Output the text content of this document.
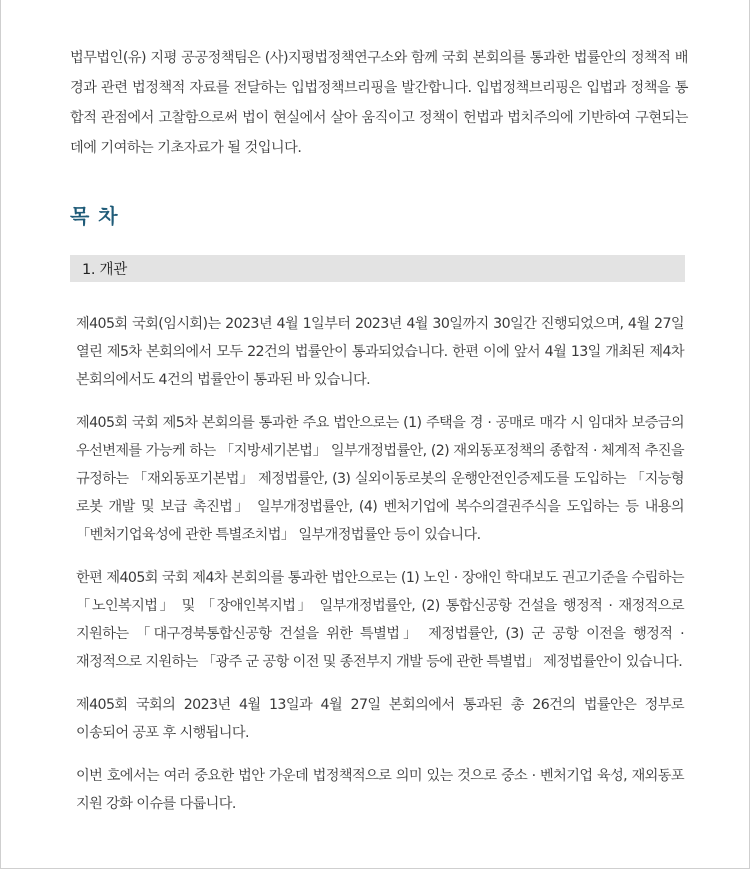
법무법인(유) 지평 공공정책팀은 (사)지평법정책연구소와 함께 국회 본회의를 통과한 법률안의 정책적 배경과 관련 법정책적 자료를 전달하는 입법정책브리핑을 발간합니다. 입법정책브리핑은 입법과 정책을 통합적 관점에서 고찰함으로써 법이 현실에서 살아 움직이고 정책이 헌법과 법치주의에 기반하여 구현되는 데에 기여하는 기초자료가 될 것입니다.

목 차
1. 개관

제405회 국회(임시회)는 2023년 4월 1일부터 2023년 4월 30일까지 30일간 진행되었으며, 4월 27일 열린 제5차 본회의에서 모두 22건의 법률안이 통과되었습니다. 한편 이에 앞서 4월 13일 개최된 제4차 본회의에서도 4건의 법률안이 통과된 바 있습니다.

제405회 국회 제5차 본회의를 통과한 주요 법안으로는 (1) 주택을 경 · 공매로 매각 시 임대차 보증금의 우선변제를 가능케 하는 「지방세기본법」 일부개정법률안, (2) 재외동포정책의 종합적 · 체계적 추진을 규정하는 「재외동포기본법」 제정법률안, (3) 실외이동로봇의 운행안전인증제도를 도입하는 「지능형 로봇 개발 및 보급 촉진법」 일부개정법률안, (4) 벤처기업에 복수의결권주식을 도입하는 등 내용의 「벤처기업육성에 관한 특별조치법」 일부개정법률안 등이 있습니다.

한편 제405회 국회 제4차 본회의를 통과한 법안으로는 (1) 노인 · 장애인 학대보도 권고기준을 수립하는 「노인복지법」 및 「장애인복지법」 일부개정법률안, (2) 통합신공항 건설을 행정적 · 재정적으로 지원하는 「대구경북통합신공항 건설을 위한 특별법」 제정법률안, (3) 군 공항 이전을 행정적 · 재정적으로 지원하는 「광주 군 공항 이전 및 종전부지 개발 등에 관한 특별법」 제정법률안이 있습니다.

제405회 국회의 2023년 4월 13일과 4월 27일 본회의에서 통과된 총 26건의 법률안은 정부로 이송되어 공포 후 시행됩니다.

이번 호에서는 여러 중요한 법안 가운데 법정책적으로 의미 있는 것으로 중소 · 벤처기업 육성, 재외동포 지원 강화 이슈를 다룹니다.
